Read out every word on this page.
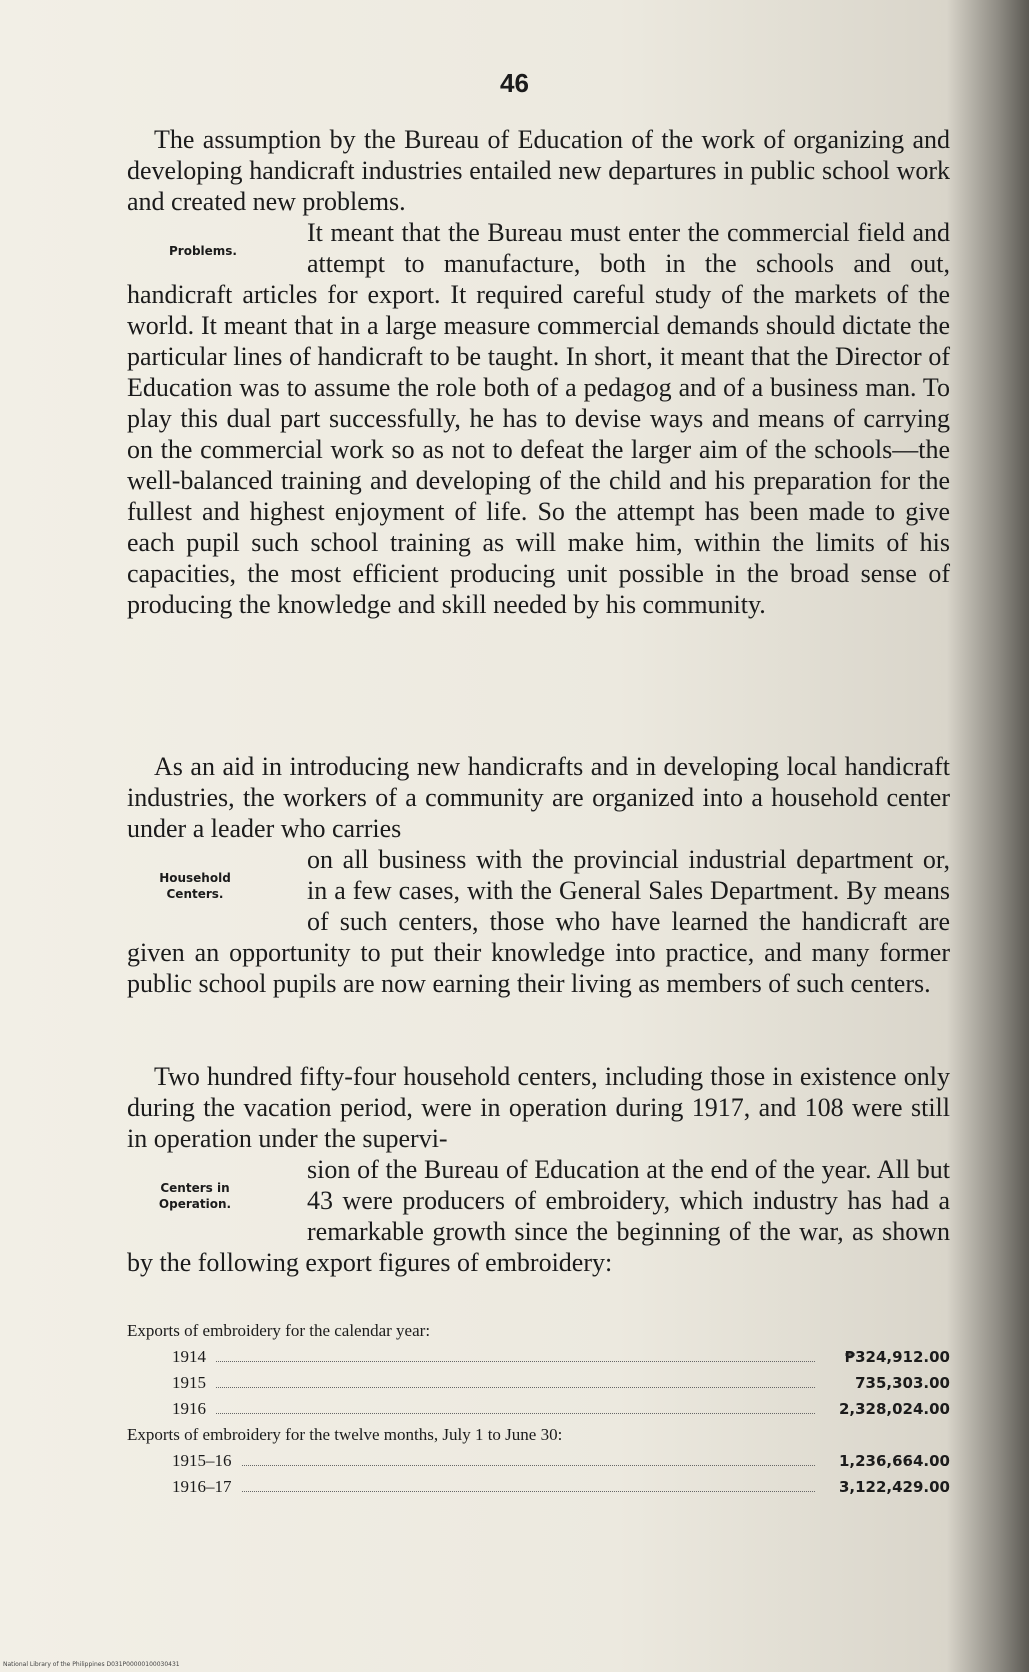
46
Problems.
Household Centers.
Centers in Operation.

The assumption by the Bureau of Education of the work of organizing and developing handicraft industries entailed new departures in public school work and created new problems.

It meant that the Bureau must enter the commercial field and attempt to manufacture, both in the schools and out, handicraft articles for export. It required careful study of the markets of the world. It meant that in a large measure commercial demands should dictate the particular lines of handicraft to be taught. In short, it meant that the Director of Education was to assume the role both of a pedagog and of a business man. To play this dual part successfully, he has to devise ways and means of carrying on the commercial work so as not to defeat the larger aim of the schools—the well-balanced training and developing of the child and his preparation for the fullest and highest enjoyment of life. So the attempt has been made to give each pupil such school training as will make him, within the limits of his capacities, the most efficient producing unit possible in the broad sense of producing the knowledge and skill needed by his community.

As an aid in introducing new handicrafts and in developing local handicraft industries, the workers of a community are organized into a household center under a leader who carries

on all business with the provincial industrial department or, in a few cases, with the General Sales Department. By means of such centers, those who have learned the handicraft are given an opportunity to put their knowledge into practice, and many former public school pupils are now earning their living as members of such centers.

Two hundred fifty-four household centers, including those in existence only during the vacation period, were in operation during 1917, and 108 were still in operation under the supervi-

sion of the Bureau of Education at the end of the year. All but 43 were producers of embroidery, which industry has had a remarkable growth since the beginning of the war, as shown by the following export figures of embroidery:

Exports of embroidery for the calendar year:

1914	₱324,912.00
1915	735,303.00
1916	2,328,024.00

Exports of embroidery for the twelve months, July 1 to June 30:

1915–16	1,236,664.00
1916–17	3,122,429.00
National Library of the Philippines D031P00000100030431
